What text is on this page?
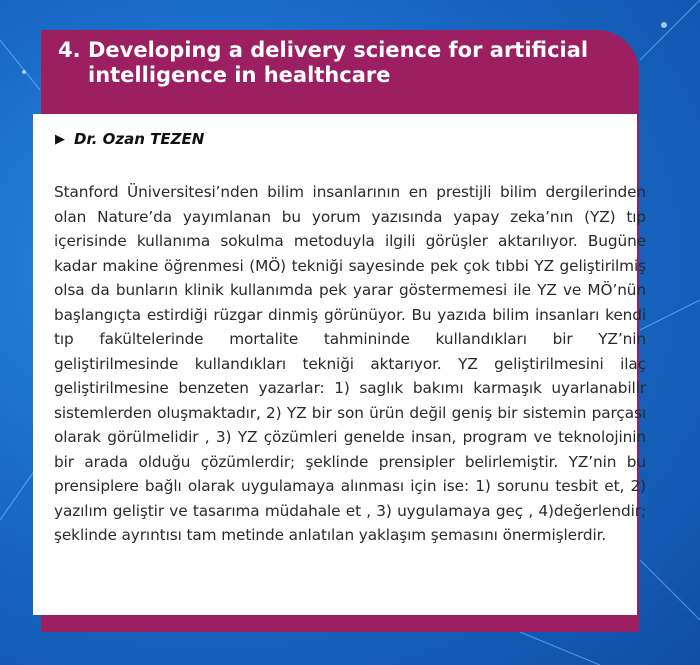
4. Developing a delivery science for artificial intelligence in healthcare
▶ Dr. Ozan TEZEN

Stanford Üniversitesi’nden bilim insanlarının en prestijli bilim dergilerinden olan Nature’da yayımlanan bu yorum yazısında yapay zeka’nın (YZ) tıp içerisinde kullanıma sokulma metoduyla ilgili görüşler aktarılıyor. Bugüne kadar makine öğrenmesi (MÖ) tekniği sayesinde pek çok tıbbi YZ geliştirilmiş olsa da bunların klinik kullanımda pek yarar göstermemesi ile YZ ve MÖ’nün başlangıçta estirdiği rüzgar dinmiş görünüyor. Bu yazıda bilim insanları kendi tıp fakültelerinde mortalite tahmininde kullandıkları bir YZ’nin geliştirilmesinde kullandıkları tekniği aktarıyor. YZ geliştirilmesini ilaç geliştirilmesine benzeten yazarlar: 1) saglık bakımı karmaşık uyarlanabilir sistemlerden oluşmaktadır, 2) YZ bir son ürün değil geniş bir sistemin parçası olarak görülmelidir , 3) YZ çözümleri genelde insan, program ve teknolojinin bir arada olduğu çözümlerdir; şeklinde prensipler belirlemiştir. YZ’nin bu prensiplere bağlı olarak uygulamaya alınması için ise: 1) sorunu tesbit et, 2) yazılım geliştir ve tasarıma müdahale et , 3) uygulamaya geç , 4)değerlendir; şeklinde ayrıntısı tam metinde anlatılan yaklaşım şemasını önermişlerdir.
